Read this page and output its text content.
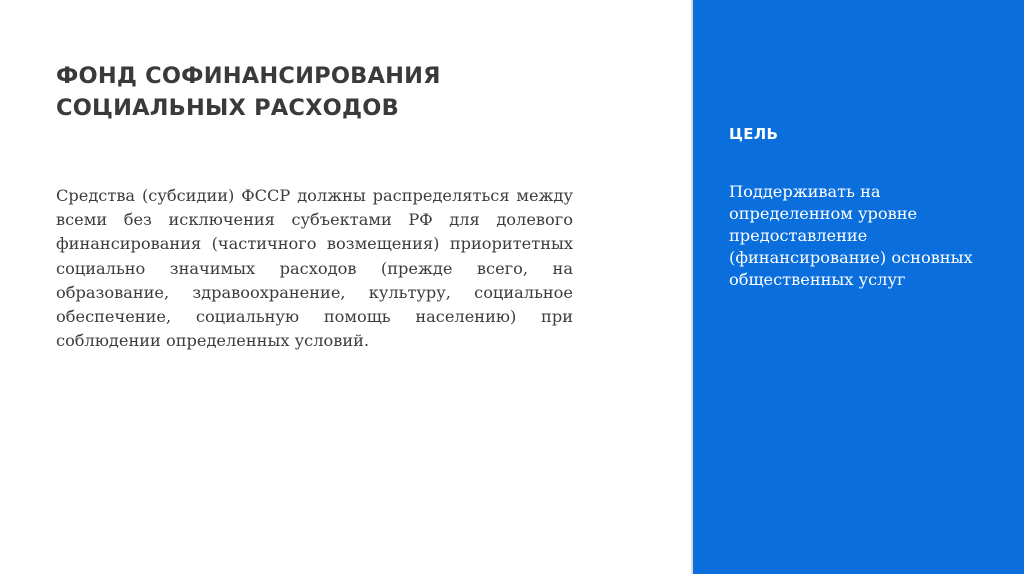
ФОНД СОФИНАНСИРОВАНИЯ СОЦИАЛЬНЫХ РАСХОДОВ

Средства (субсидии) ФССР должны распределяться между всеми без исключения субъектами РФ для долевого финансирования (частичного возмещения) приоритетных социально значимых расходов (прежде всего, на образование, здравоохранение, культуру, социальное обеспечение, социальную помощь населению) при соблюдении определенных условий.

ЦЕЛЬ

Поддерживать на определенном уровне предоставление (финансирование) основных общественных услуг
